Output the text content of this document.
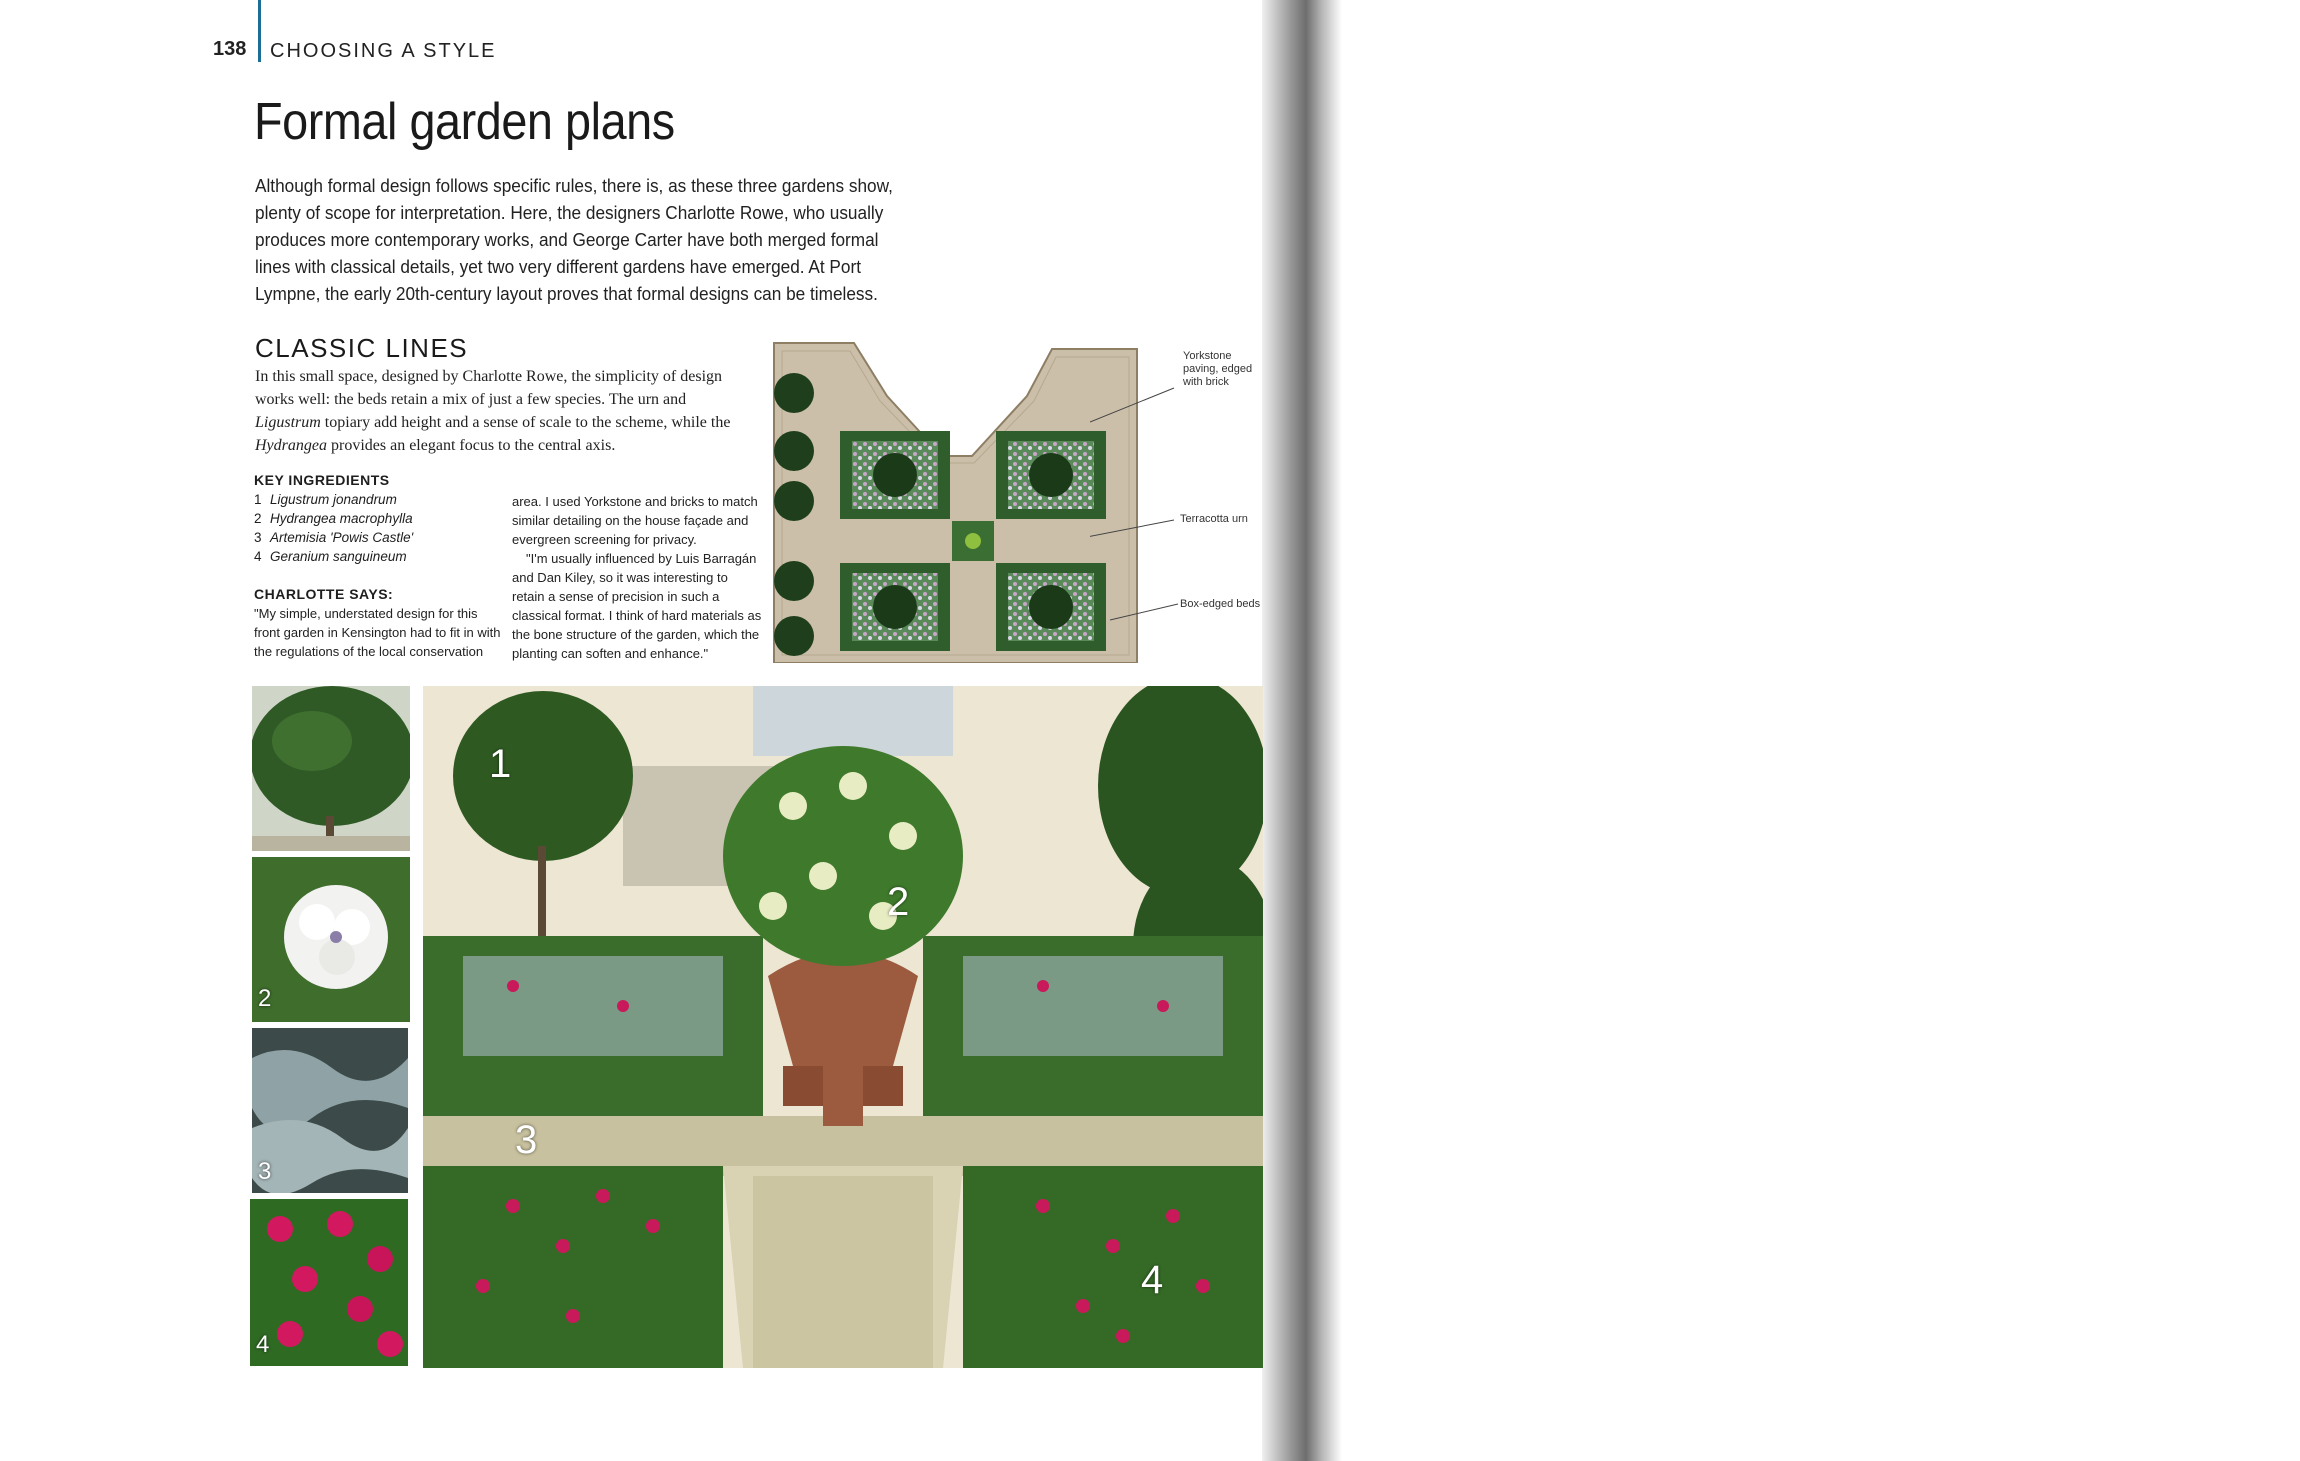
138 CHOOSING A STYLE
Formal garden plans
Although formal design follows specific rules, there is, as these three gardens show, plenty of scope for interpretation. Here, the designers Charlotte Rowe, who usually produces more contemporary works, and George Carter have both merged formal lines with classical details, yet two very different gardens have emerged. At Port Lympne, the early 20th-century layout proves that formal designs can be timeless.
CLASSIC LINES
In this small space, designed by Charlotte Rowe, the simplicity of design works well: the beds retain a mix of just a few species. The urn and Ligustrum topiary add height and a sense of scale to the scheme, while the Hydrangea provides an elegant focus to the central axis.
KEY INGREDIENTS
1 Ligustrum jonandrum
2 Hydrangea macrophylla
3 Artemisia 'Powis Castle'
4 Geranium sanguineum
CHARLOTTE SAYS:
"My simple, understated design for this front garden in Kensington had to fit in with the regulations of the local conservation

area. I used Yorkstone and bricks to match similar detailing on the house façade and evergreen screening for privacy.

"I'm usually influenced by Luis Barragán and Dan Kiley, so it was interesting to retain a sense of precision in such a classical format. I think of hard materials as the bone structure of the garden, which the planting can soften and enhance."

Yorkstone paving, edged with brick
Terracotta urn
Box-edged beds
2
3
4
1
2
3
4
